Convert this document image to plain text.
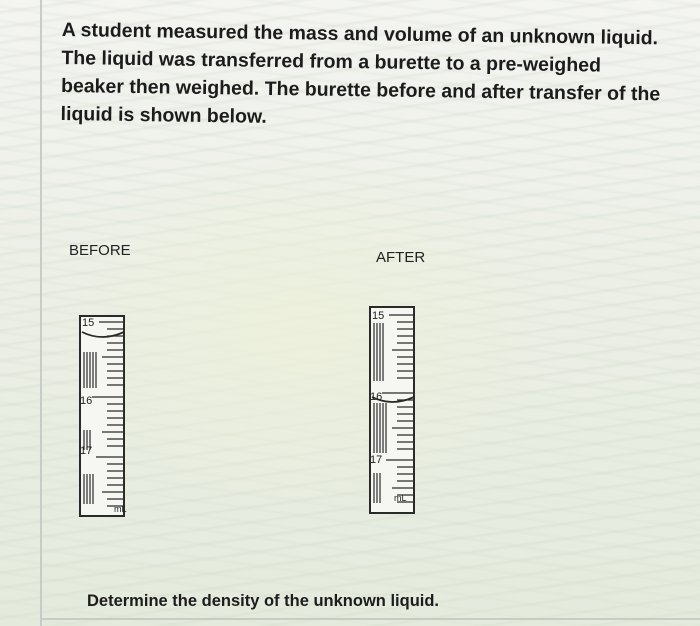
A student measured the mass and volume of an unknown liquid. The liquid was transferred from a burette to a pre-weighed beaker then weighed. The burette before and after transfer of the liquid is shown below.
BEFORE	AFTER
15
16
17
mL
15
16
17
mL
Determine the density of the unknown liquid.
